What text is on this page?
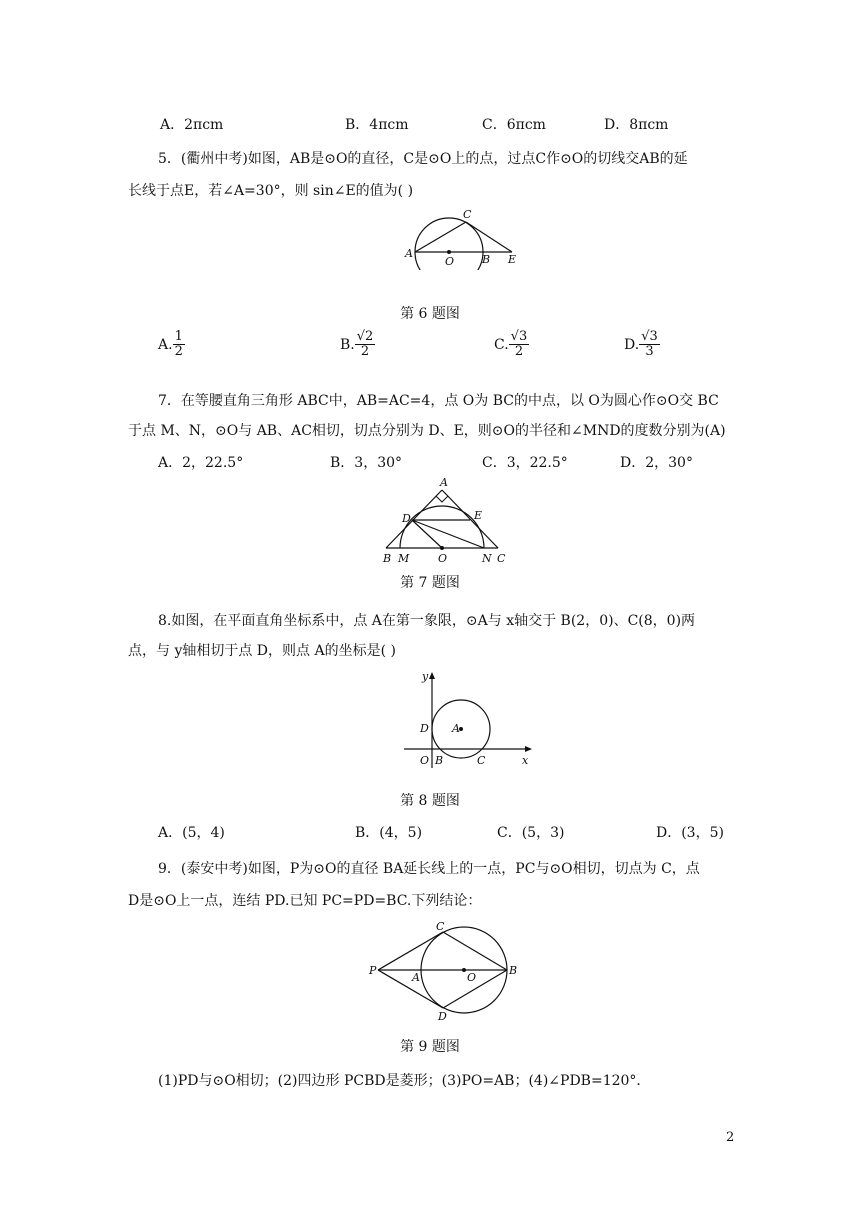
A．2πcm	B．4πcm	C．6πcm	D．8πcm
5．(衢州中考)如图，AB是⊙O的直径，C是⊙O上的点，过点C作⊙O的切线交AB的延
长线于点E，若∠A=30°，则 sin∠E的值为( )
A
C
O	B E
第 6 题图
A. $\frac{1}{2}$	B. $\frac{√2}{2}$	C. $\frac{√3}{2}$	D. $\frac{√3}{3}$
7．在等腰直角三角形 ABC中，AB=AC=4，点 O为 BC的中点，以 O为圆心作⊙O交 BC
于点 M、N，⊙O与 AB、AC相切，切点分别为 D、E，则⊙O的半径和∠MND的度数分别为(A)
A．2，22.5°	B．3，30°	C．3，22.5°	D．2，30°
A
D	E
B M	O	N C
第 7 题图
8.如图，在平面直角坐标系中，点 A在第一象限，⊙A与 x轴交于 B(2，0)、C(8，0)两
点，与 y轴相切于点 D，则点 A的坐标是( )
y
x
D A
O B	C
第 8 题图
A．(5，4)	B．(4，5)	C．(5，3)	D．(3，5)
9．(泰安中考)如图，P为⊙O的直径 BA延长线上的一点，PC与⊙O相切，切点为 C，点
D是⊙O上一点，连结 PD.已知 PC=PD=BC.下列结论：
C
P
A	O
B
D
第 9 题图
(1)PD与⊙O相切；(2)四边形 PCBD是菱形；(3)PO=AB；(4)∠PDB=120°．
2
